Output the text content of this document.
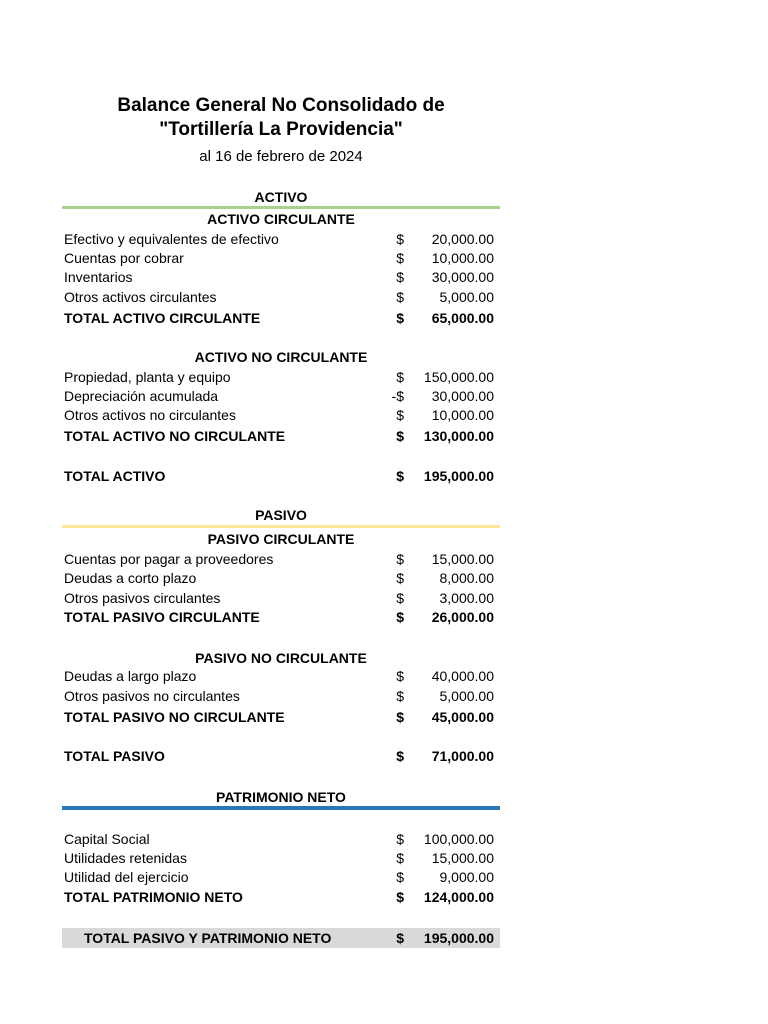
Balance General No Consolidado de
"Tortillería La Providencia"
al 16 de febrero de 2024
ACTIVO
ACTIVO CIRCULANTE
Efectivo y equivalentes de efectivo	$ 20,000.00
Cuentas por cobrar	$ 10,000.00
Inventarios	$ 30,000.00
Otros activos circulantes	$	5,000.00
TOTAL ACTIVO CIRCULANTE	$ 65,000.00
ACTIVO NO CIRCULANTE
Propiedad, planta y equipo	$ 150,000.00
Depreciación acumulada	-$ 30,000.00
Otros activos no circulantes	$ 10,000.00
TOTAL ACTIVO NO CIRCULANTE	$ 130,000.00
TOTAL ACTIVO	$ 195,000.00
PASIVO
PASIVO CIRCULANTE
Cuentas por pagar a proveedores	$ 15,000.00
Deudas a corto plazo	$	8,000.00
Otros pasivos circulantes	$	3,000.00
TOTAL PASIVO CIRCULANTE	$ 26,000.00
PASIVO NO CIRCULANTE
Deudas a largo plazo	$ 40,000.00
Otros pasivos no circulantes	$	5,000.00
TOTAL PASIVO NO CIRCULANTE	$ 45,000.00
TOTAL PASIVO	$ 71,000.00
PATRIMONIO NETO
Capital Social	$ 100,000.00
Utilidades retenidas	$ 15,000.00
Utilidad del ejercicio	$	9,000.00
TOTAL PATRIMONIO NETO	$ 124,000.00
TOTAL PASIVO Y PATRIMONIO NETO	$ 195,000.00
